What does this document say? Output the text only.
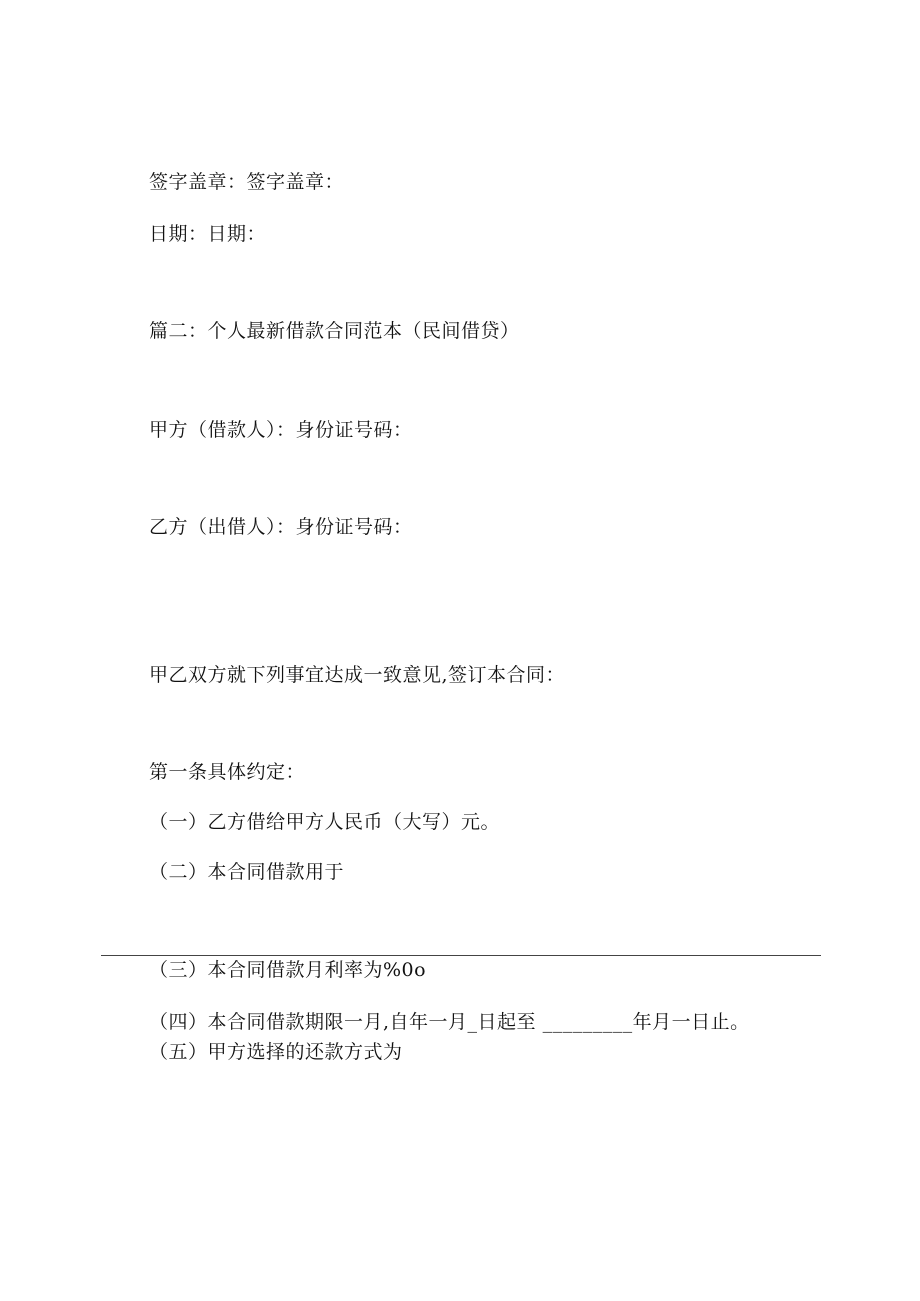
签字盖章：签字盖章：
日期：日期：
篇二：个人最新借款合同范本（民间借贷）
甲方（借款人）：身份证号码：
乙方（出借人）：身份证号码：
甲乙双方就下列事宜达成一致意见,签订本合同：
第一条具体约定：
（一）乙方借给甲方人民币（大写）元。
（二）本合同借款用于
（三）本合同借款月利率为%0o
（四）本合同借款期限一月,自年一月_日起至 _________年月一日止。
（五）甲方选择的还款方式为
